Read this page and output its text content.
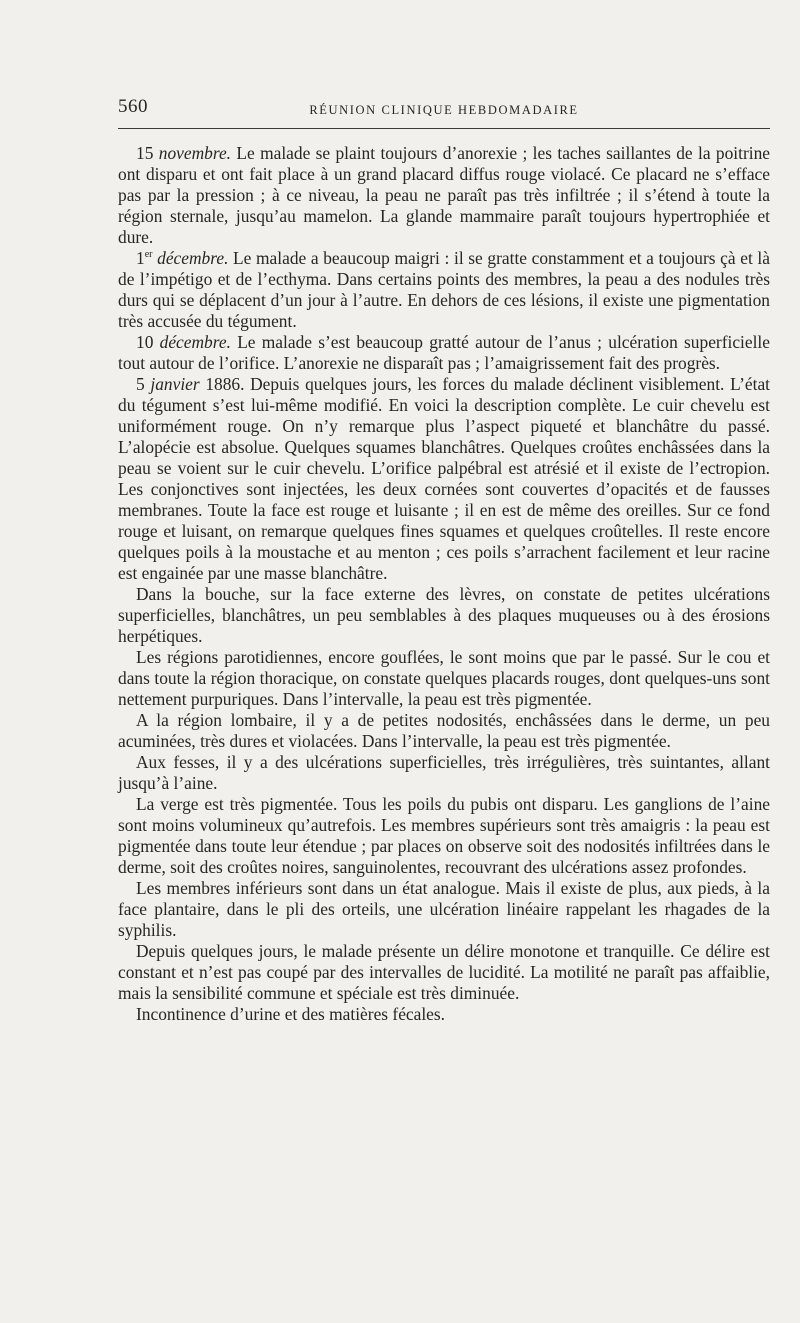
560	RÉUNION CLINIQUE HEBDOMADAIRE

15 novembre. Le malade se plaint toujours d’anorexie ; les taches saillantes de la poitrine ont disparu et ont fait place à un grand placard diffus rouge violacé. Ce placard ne s’efface pas par la pression ; à ce niveau, la peau ne paraît pas très infiltrée ; il s’étend à toute la région sternale, jusqu’au mamelon. La glande mammaire paraît toujours hypertrophiée et dure.

1er décembre. Le malade a beaucoup maigri : il se gratte constamment et a toujours çà et là de l’impétigo et de l’ecthyma. Dans certains points des membres, la peau a des nodules très durs qui se déplacent d’un jour à l’autre. En dehors de ces lésions, il existe une pigmentation très accusée du tégument.

10 décembre. Le malade s’est beaucoup gratté autour de l’anus ; ulcération superficielle tout autour de l’orifice. L’anorexie ne disparaît pas ; l’amaigrissement fait des progrès.

5 janvier 1886. Depuis quelques jours, les forces du malade déclinent visiblement. L’état du tégument s’est lui-même modifié. En voici la description complète. Le cuir chevelu est uniformément rouge. On n’y remarque plus l’aspect piqueté et blanchâtre du passé. L’alopécie est absolue. Quelques squames blanchâtres. Quelques croûtes enchâssées dans la peau se voient sur le cuir chevelu. L’orifice palpébral est atrésié et il existe de l’ectropion. Les conjonctives sont injectées, les deux cornées sont couvertes d’opacités et de fausses membranes. Toute la face est rouge et luisante ; il en est de même des oreilles. Sur ce fond rouge et luisant, on remarque quelques fines squames et quelques croûtelles. Il reste encore quelques poils à la moustache et au menton ; ces poils s’arrachent facilement et leur racine est engainée par une masse blanchâtre.

Dans la bouche, sur la face externe des lèvres, on constate de petites ulcérations superficielles, blanchâtres, un peu semblables à des plaques muqueuses ou à des érosions herpétiques.

Les régions parotidiennes, encore gouflées, le sont moins que par le passé. Sur le cou et dans toute la région thoracique, on constate quelques placards rouges, dont quelques-uns sont nettement purpuriques. Dans l’intervalle, la peau est très pigmentée.

A la région lombaire, il y a de petites nodosités, enchâssées dans le derme, un peu acuminées, très dures et violacées. Dans l’intervalle, la peau est très pigmentée.

Aux fesses, il y a des ulcérations superficielles, très irrégulières, très suintantes, allant jusqu’à l’aine.

La verge est très pigmentée. Tous les poils du pubis ont disparu. Les ganglions de l’aine sont moins volumineux qu’autrefois. Les membres supérieurs sont très amaigris : la peau est pigmentée dans toute leur étendue ; par places on observe soit des nodosités infiltrées dans le derme, soit des croûtes noires, sanguinolentes, recouvrant des ulcérations assez profondes.

Les membres inférieurs sont dans un état analogue. Mais il existe de plus, aux pieds, à la face plantaire, dans le pli des orteils, une ulcération linéaire rappelant les rhagades de la syphilis.

Depuis quelques jours, le malade présente un délire monotone et tranquille. Ce délire est constant et n’est pas coupé par des intervalles de lucidité. La motilité ne paraît pas affaiblie, mais la sensibilité commune et spéciale est très diminuée.

Incontinence d’urine et des matières fécales.
